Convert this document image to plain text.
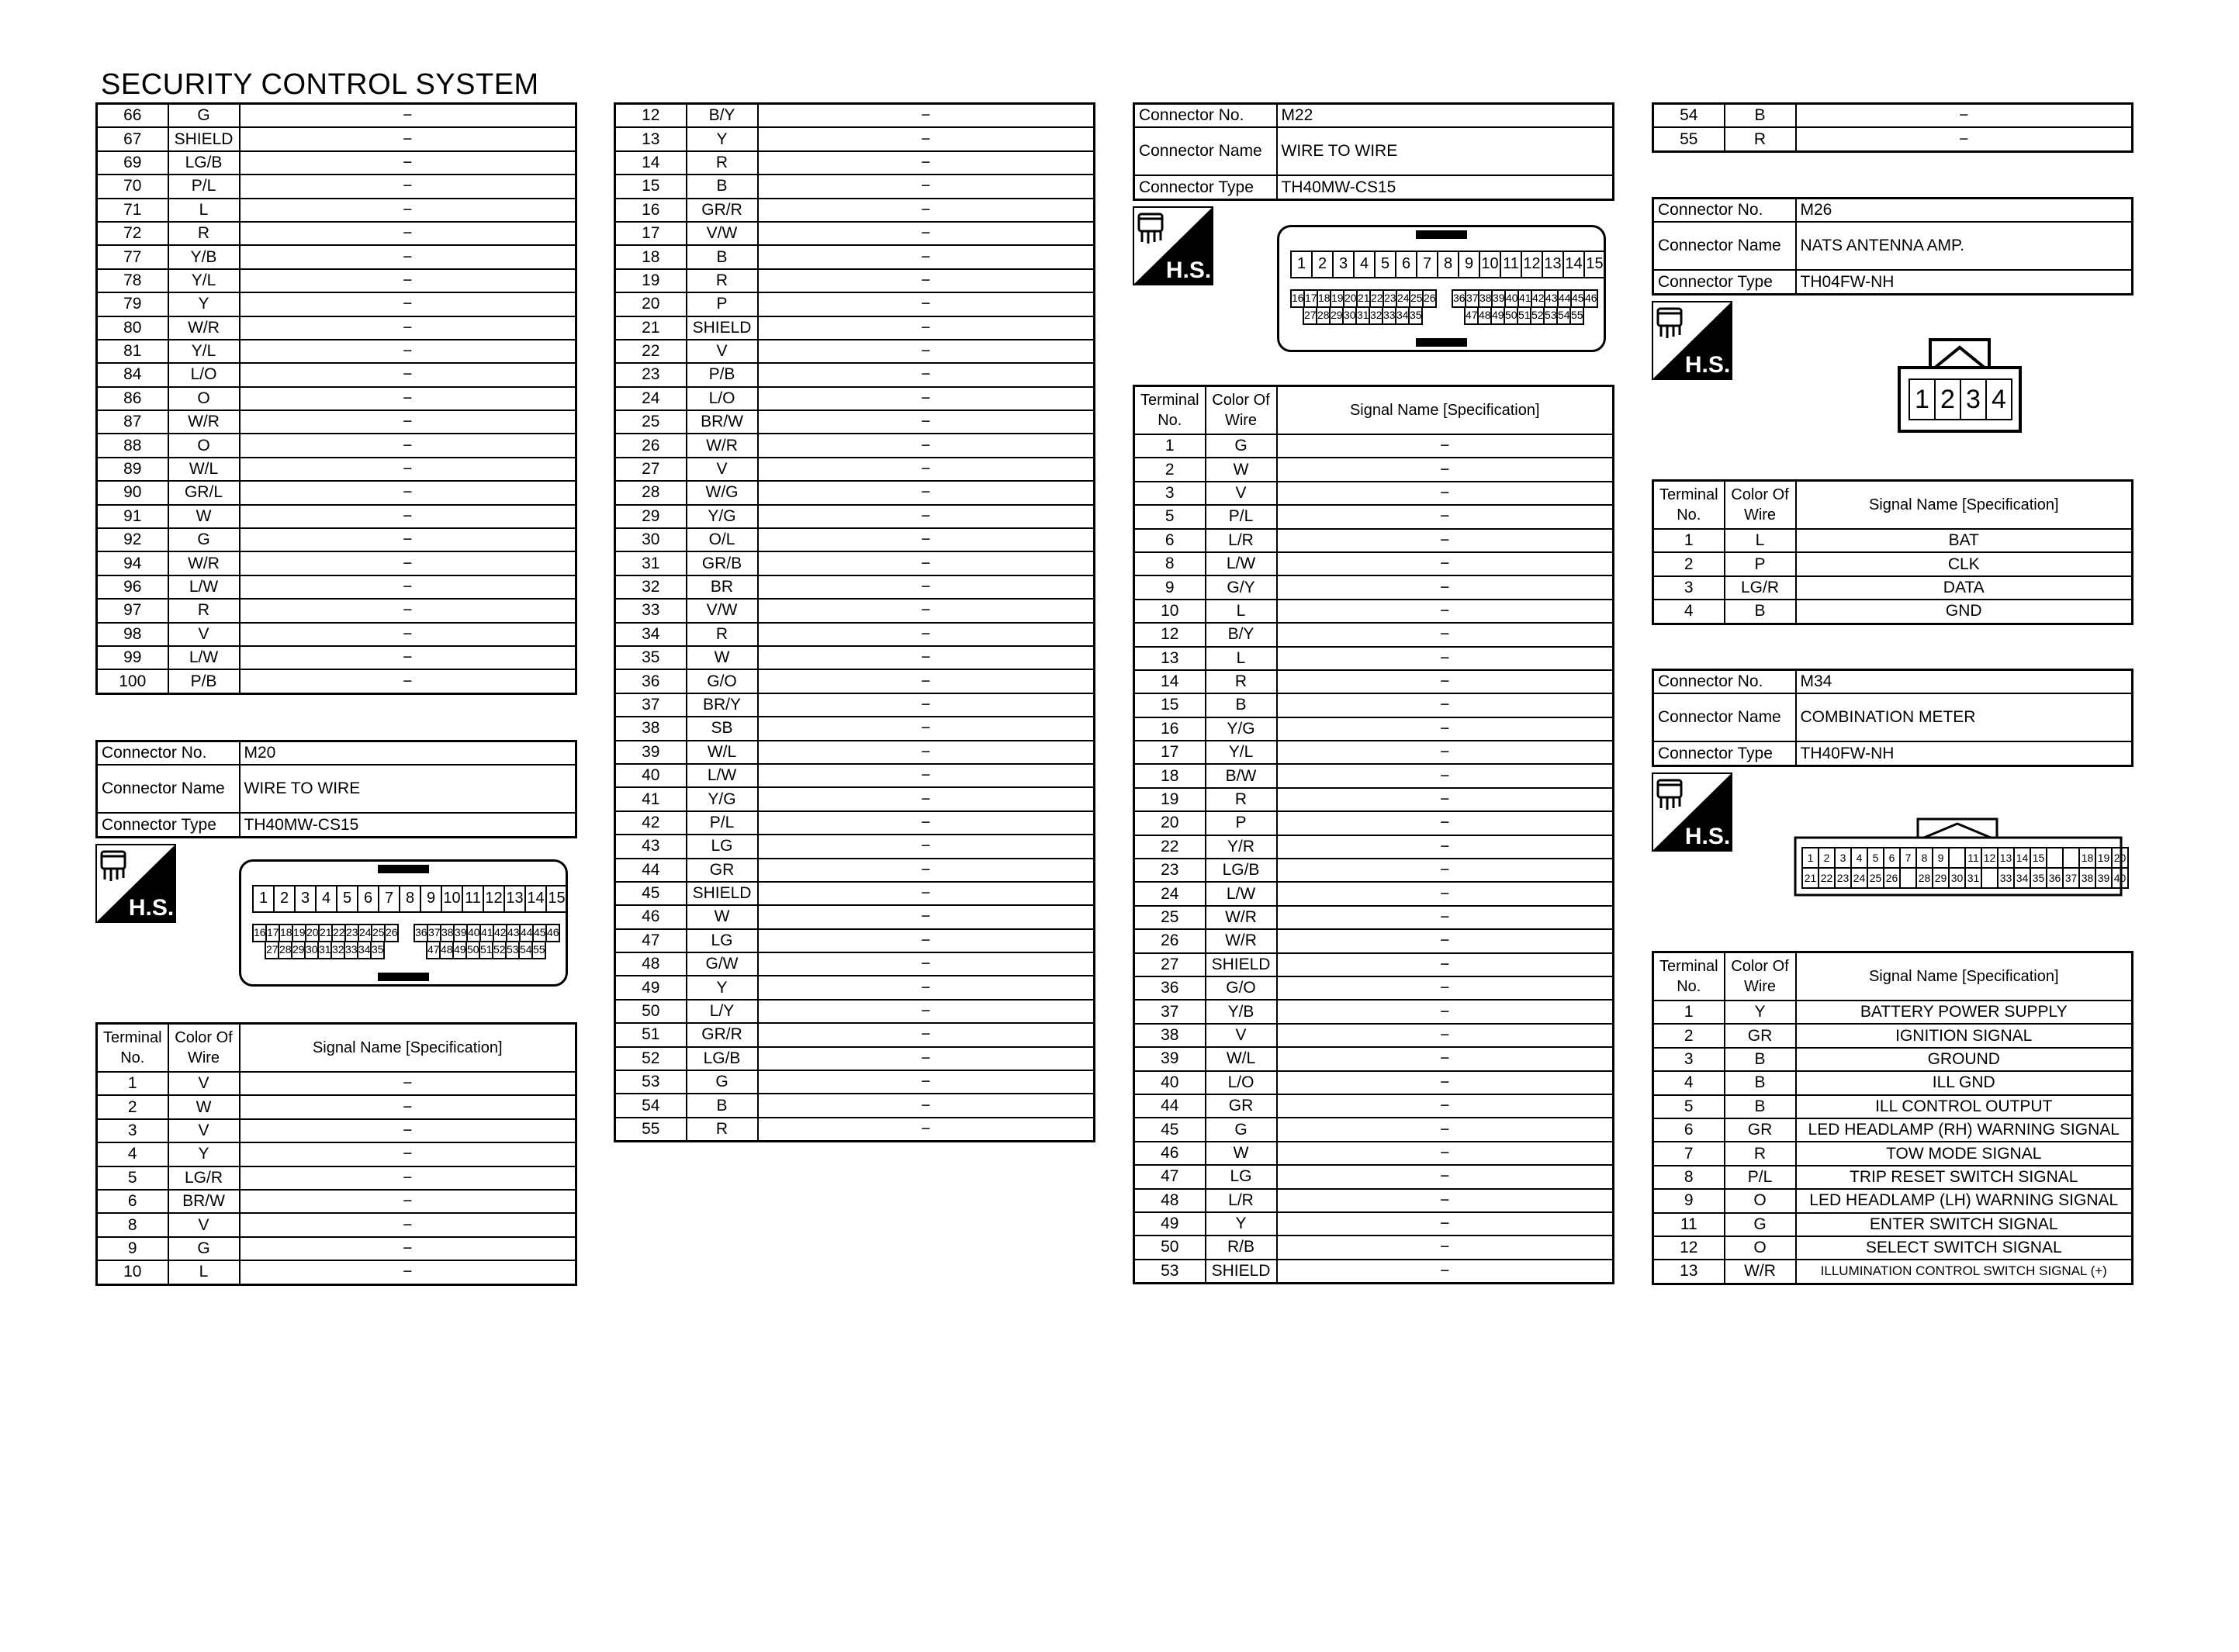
SECURITY CONTROL SYSTEM
66	G	−
67	SHIELD	−
69	LG/B	−
70	P/L	−
71	L	−
72	R	−
77	Y/B	−
78	Y/L	−
79	Y	−
80	W/R	−
81	Y/L	−
84	L/O	−
86	O	−
87	W/R	−
88	O	−
89	W/L	−
90	GR/L	−
91	W	−
92	G	−
94	W/R	−
96	L/W	−
97	R	−
98	V	−
99	L/W	−
100	P/B	−
Connector No.	M20
Connector Name	WIRE TO WIRE
Connector Type	TH40MW-CS15
H.S.	1 2 3 4 5 6 7 8 9 10 11 12 13 14 15
16 17 18 19 20 21 22 23 24 25 26 36 37 38 39 40 41 42 43 44 45 46
27 28 29 30 31 32 33 34 35	47 48 49 50 51 52 53 54 55
Terminal No.	Color Of Wire	Signal Name [Specification]
1	V	−
2	W	−
3	V	−
4	Y	−
5	LG/R	−
6	BR/W	−
8	V	−
9	G	−
10	L	−
12	B/Y	−
13	Y	−
14	R	−
15	B	−
16	GR/R	−
17	V/W	−
18	B	−
19	R	−
20	P	−
21	SHIELD	−
22	V	−
23	P/B	−
24	L/O	−
25	BR/W	−
26	W/R	−
27	V	−
28	W/G	−
29	Y/G	−
30	O/L	−
31	GR/B	−
32	BR	−
33	V/W	−
34	R	−
35	W	−
36	G/O	−
37	BR/Y	−
38	SB	−
39	W/L	−
40	L/W	−
41	Y/G	−
42	P/L	−
43	LG	−
44	GR	−
45	SHIELD	−
46	W	−
47	LG	−
48	G/W	−
49	Y	−
50	L/Y	−
51	GR/R	−
52	LG/B	−
53	G	−
54	B	−
55	R	−
Connector No.	M22
Connector Name	WIRE TO WIRE
Connector Type	TH40MW-CS15
H.S.	1 2 3 4 5 6 7 8 9 10 11 12 13 14 15
16 17 18 19 20 21 22 23 24 25 26 36 37 38 39 40 41 42 43 44 45 46
27 28 29 30 31 32 33 34 35	47 48 49 50 51 52 53 54 55
Terminal No.	Color Of Wire	Signal Name [Specification]
1	G	−
2	W	−
3	V	−
5	P/L	−
6	L/R	−
8	L/W	−
9	G/Y	−
10	L	−
12	B/Y	−
13	L	−
14	R	−
15	B	−
16	Y/G	−
17	Y/L	−
18	B/W	−
19	R	−
20	P	−
22	Y/R	−
23	LG/B	−
24	L/W	−
25	W/R	−
26	W/R	−
27	SHIELD	−
36	G/O	−
37	Y/B	−
38	V	−
39	W/L	−
40	L/O	−
44	GR	−
45	G	−
46	W	−
47	LG	−
48	L/R	−
49	Y	−
50	R/B	−
53	SHIELD	−
54	B	−
55	R	−
Connector No.	M26
Connector Name	NATS ANTENNA AMP.
Connector Type	TH04FW-NH
H.S.
1 2 3 4
Terminal No.	Color Of Wire	Signal Name [Specification]
1	L	BAT
2	P	CLK
3	LG/R	DATA
4	B	GND
Connector No.	M34
Connector Name	COMBINATION METER
Connector Type	TH40FW-NH
H.S.
1 2 3 4 5 6 7 8 9	11 12 13 14 15	18 19 20
21 22 23 24 25 26 28 29 30 31 33 34 35 36 37 38 39 40
Terminal No.	Color Of Wire	Signal Name [Specification]
1	Y	BATTERY POWER SUPPLY
2	GR	IGNITION SIGNAL
3	B	GROUND
4	B	ILL GND
5	B	ILL CONTROL OUTPUT
6	GR	LED HEADLAMP (RH) WARNING SIGNAL
7	R	TOW MODE SIGNAL
8	P/L	TRIP RESET SWITCH SIGNAL
9	O	LED HEADLAMP (LH) WARNING SIGNAL
11	G	ENTER SWITCH SIGNAL
12	O	SELECT SWITCH SIGNAL
13	W/R	ILLUMINATION CONTROL SWITCH SIGNAL (+)
